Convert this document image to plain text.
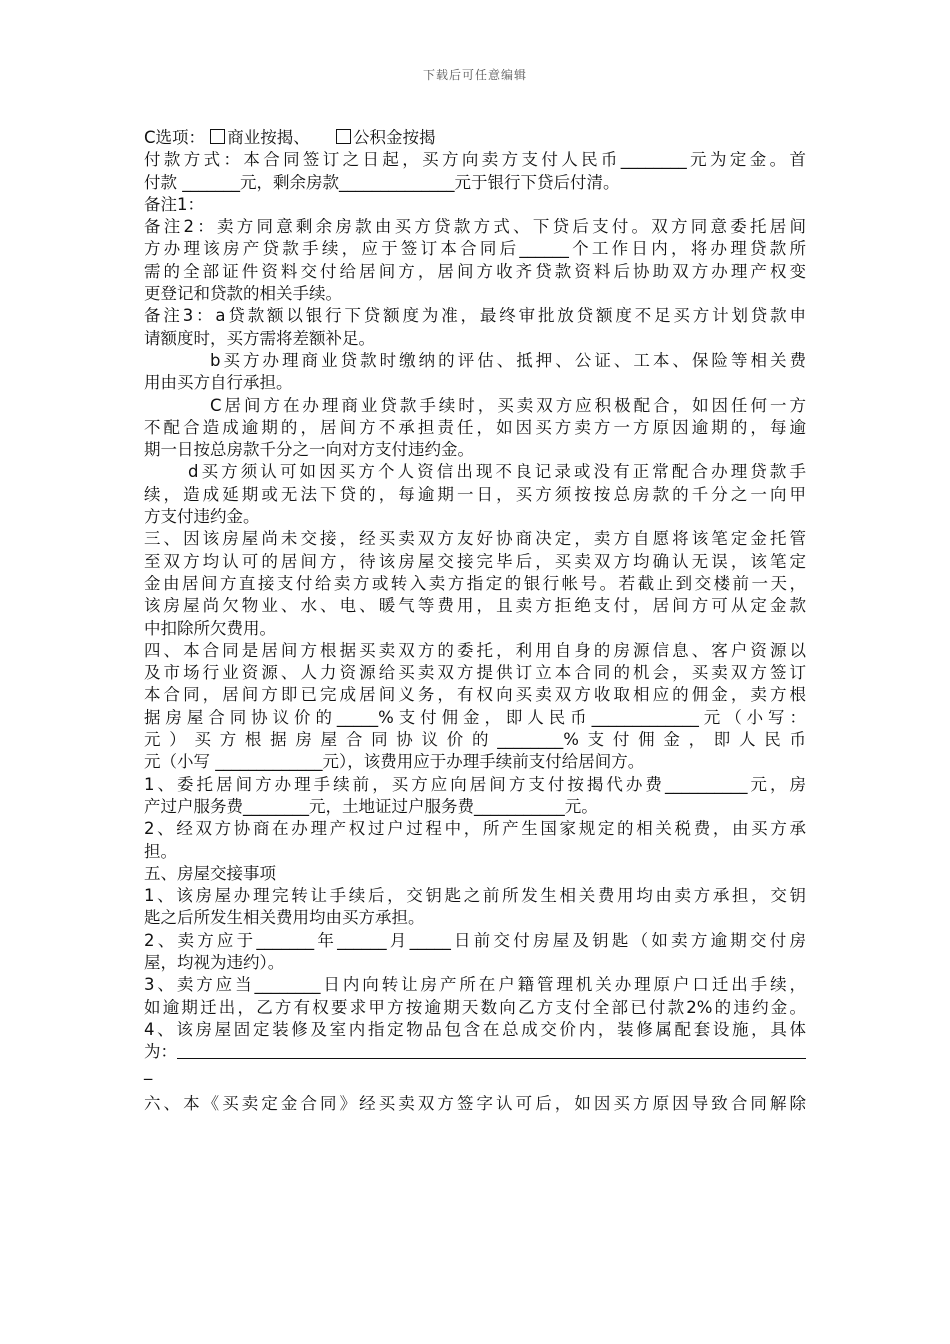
下载后可任意编辑

C选项： 商业按揭、	公积金按揭

付款方式：本合同签订之日起，买方向卖方支付人民币________元为定金。首

付款 _______元，剩余房款______________元于银行下贷后付清。

备注1：

备注2：卖方同意剩余房款由买方贷款方式、下贷后支付。双方同意委托居间

方办理该房产贷款手续，应于签订本合同后______个工作日内，将办理贷款所

需的全部证件资料交付给居间方，居间方收齐贷款资料后协助双方办理产权变

更登记和贷款的相关手续。

备注3：a贷款额以银行下贷额度为准，最终审批放贷额度不足买方计划贷款申

请额度时，买方需将差额补足。

b买方办理商业贷款时缴纳的评估、抵押、公证、工本、保险等相关费

用由买方自行承担。

C居间方在办理商业贷款手续时，买卖双方应积极配合，如因任何一方

不配合造成逾期的，居间方不承担责任，如因买方卖方一方原因逾期的，每逾

期一日按总房款千分之一向对方支付违约金。

d买方须认可如因买方个人资信出现不良记录或没有正常配合办理贷款手

续，造成延期或无法下贷的，每逾期一日，买方须按按总房款的千分之一向甲

方支付违约金。

三、因该房屋尚未交接，经买卖双方友好协商决定，卖方自愿将该笔定金托管

至双方均认可的居间方，待该房屋交接完毕后，买卖双方均确认无误，该笔定

金由居间方直接支付给卖方或转入卖方指定的银行帐号。若截止到交楼前一天，

该房屋尚欠物业、水、电、暖气等费用，且卖方拒绝支付，居间方可从定金款

中扣除所欠费用。

四、本合同是居间方根据买卖双方的委托，利用自身的房源信息、客户资源以

及市场行业资源、人力资源给买卖双方提供订立本合同的机会，买卖双方签订

本合同，居间方即已完成居间义务，有权向买卖双方收取相应的佣金，卖方根

据房屋合同协议价的_____%支付佣金，即人民币_____________元（小写：

元）买方根据房屋合同协议价的________%支付佣金，即人民币

元（小写 _____________元），该费用应于办理手续前支付给居间方。

1、委托居间方办理手续前，买方应向居间方支付按揭代办费__________元，房

产过户服务费________元，土地证过户服务费___________元。

2、经双方协商在办理产权过户过程中，所产生国家规定的相关税费，由买方承

担。

五、房屋交接事项

1、该房屋办理完转让手续后，交钥匙之前所发生相关费用均由卖方承担，交钥

匙之后所发生相关费用均由买方承担。

2、卖方应于_______年______月_____日前交付房屋及钥匙（如卖方逾期交付房

屋，均视为违约）。

3、卖方应当________日内向转让房产所在户籍管理机关办理原户口迁出手续，

如逾期迁出，乙方有权要求甲方按逾期天数向乙方支付全部已付款2%的违约金。

4、该房屋固定装修及室内指定物品包含在总成交价内，装修属配套设施，具体

为：

_

六、本《买卖定金合同》经买卖双方签字认可后，如因买方原因导致合同解除
